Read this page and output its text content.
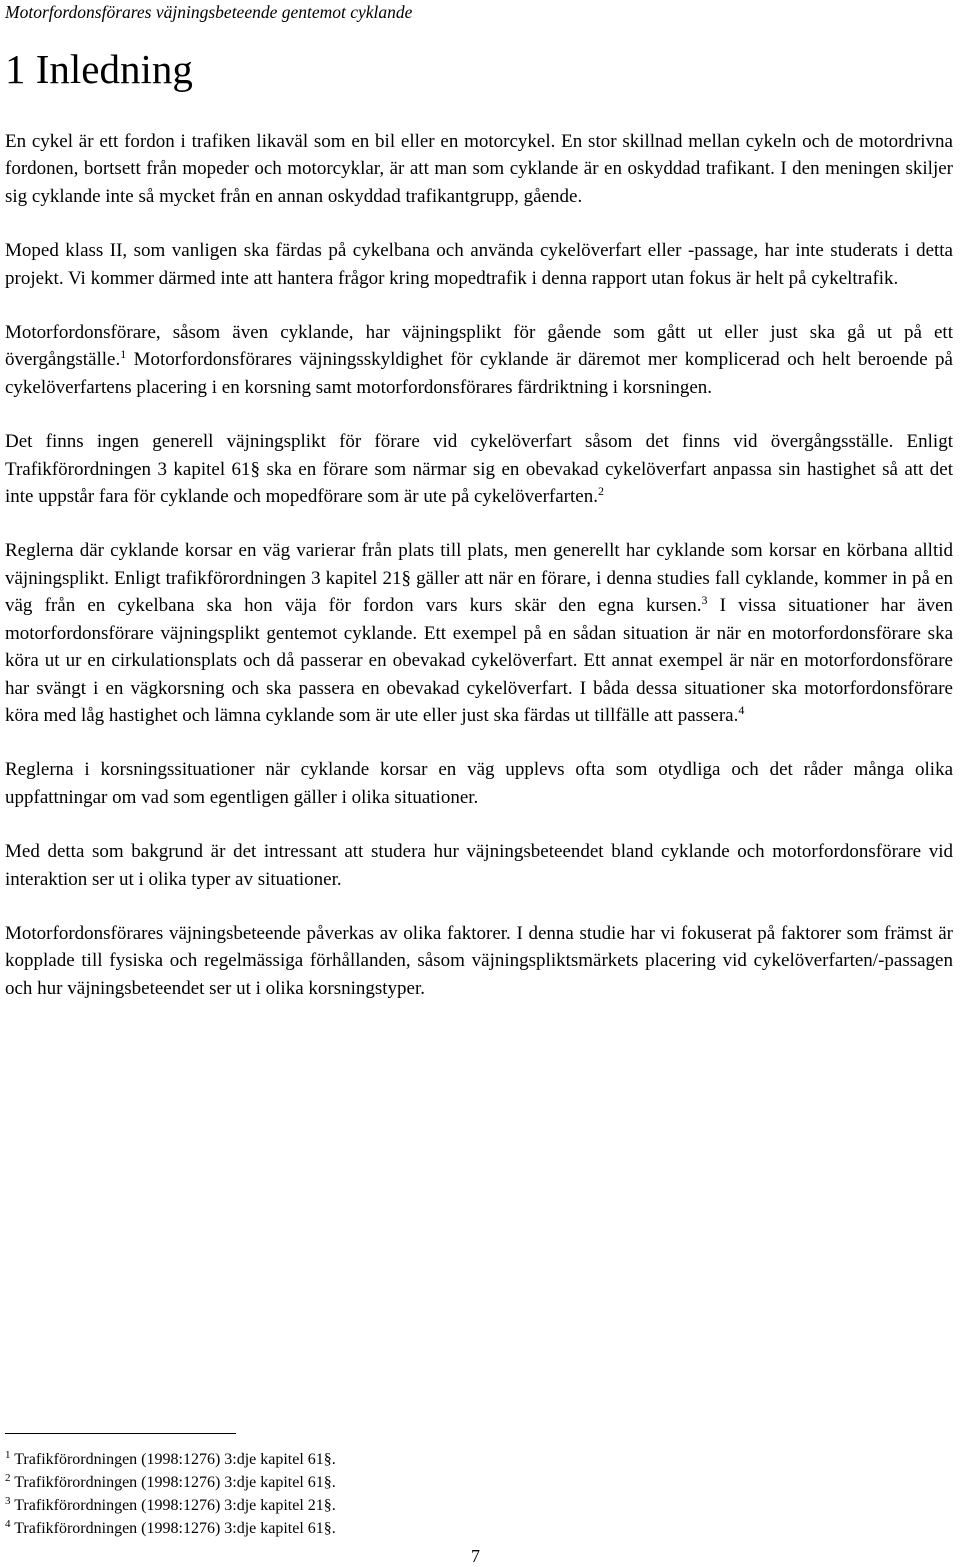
Motorfordonsförares väjningsbeteende gentemot cyklande
1 Inledning

En cykel är ett fordon i trafiken likaväl som en bil eller en motorcykel. En stor skillnad mellan cykeln och de motordrivna fordonen, bortsett från mopeder och motorcyklar, är att man som cyklande är en oskyddad trafikant. I den meningen skiljer sig cyklande inte så mycket från en annan oskyddad trafikantgrupp, gående.

Moped klass II, som vanligen ska färdas på cykelbana och använda cykelöverfart eller -passage, har inte studerats i detta projekt. Vi kommer därmed inte att hantera frågor kring mopedtrafik i denna rapport utan fokus är helt på cykeltrafik.

Motorfordonsförare, såsom även cyklande, har väjningsplikt för gående som gått ut eller just ska gå ut på ett övergångställe.$^1$ Motorfordonsförares väjningsskyldighet för cyklande är däremot mer komplicerad och helt beroende på cykelöverfartens placering i en korsning samt motorfordonsförares färdriktning i korsningen.

Det finns ingen generell väjningsplikt för förare vid cykelöverfart såsom det finns vid övergångsställe. Enligt Trafikförordningen 3 kapitel 61§ ska en förare som närmar sig en obevakad cykelöverfart anpassa sin hastighet så att det inte uppstår fara för cyklande och mopedförare som är ute på cykelöverfarten.$^2$

Reglerna där cyklande korsar en väg varierar från plats till plats, men generellt har cyklande som korsar en körbana alltid väjningsplikt. Enligt trafikförordningen 3 kapitel 21§ gäller att när en förare, i denna studies fall cyklande, kommer in på en väg från en cykelbana ska hon väja för fordon vars kurs skär den egna kursen.$^3$ I vissa situationer har även motorfordonsförare väjningsplikt gentemot cyklande. Ett exempel på en sådan situation är när en motorfordonsförare ska köra ut ur en cirkulationsplats och då passerar en obevakad cykelöverfart. Ett annat exempel är när en motorfordonsförare har svängt i en vägkorsning och ska passera en obevakad cykelöverfart. I båda dessa situationer ska motorfordonsförare köra med låg hastighet och lämna cyklande som är ute eller just ska färdas ut tillfälle att passera.$^4$

Reglerna i korsningssituationer när cyklande korsar en väg upplevs ofta som otydliga och det råder många olika uppfattningar om vad som egentligen gäller i olika situationer.

Med detta som bakgrund är det intressant att studera hur väjningsbeteendet bland cyklande och motorfordonsförare vid interaktion ser ut i olika typer av situationer.

Motorfordonsförares väjningsbeteende påverkas av olika faktorer. I denna studie har vi fokuserat på faktorer som främst är kopplade till fysiska och regelmässiga förhållanden, såsom väjningspliktsmärkets placering vid cykelöverfarten/-passagen och hur väjningsbeteendet ser ut i olika korsningstyper.

$^1$ Trafikförordningen (1998:1276) 3:dje kapitel 61§.
$^2$ Trafikförordningen (1998:1276) 3:dje kapitel 61§.
$^3$ Trafikförordningen (1998:1276) 3:dje kapitel 21§.
$^4$ Trafikförordningen (1998:1276) 3:dje kapitel 61§.
7
